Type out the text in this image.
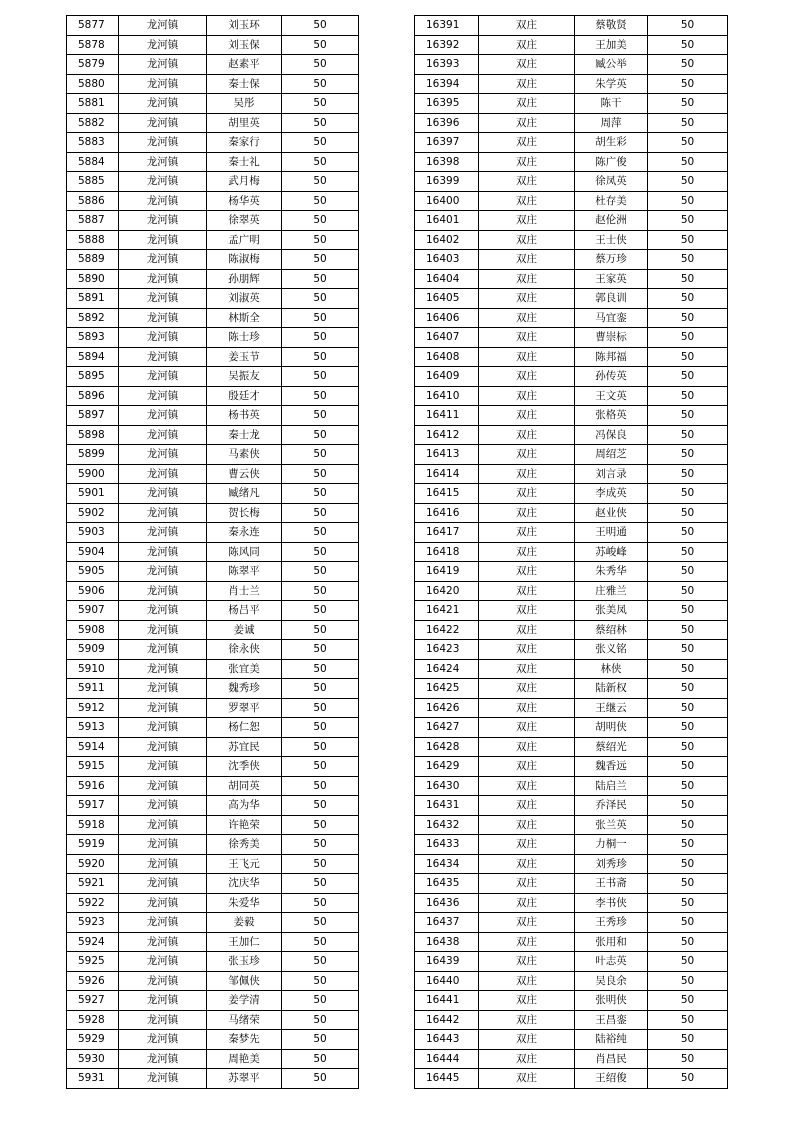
5877	龙河镇	刘玉环	50
5878	龙河镇	刘玉保	50
5879	龙河镇	赵素平	50
5880	龙河镇	秦士保	50
5881	龙河镇	吴彤	50
5882	龙河镇	胡里英	50
5883	龙河镇	秦家行	50
5884	龙河镇	秦士礼	50
5885	龙河镇	武月梅	50
5886	龙河镇	杨华英	50
5887	龙河镇	徐翠英	50
5888	龙河镇	孟广明	50
5889	龙河镇	陈淑梅	50
5890	龙河镇	孙朋辉	50
5891	龙河镇	刘淑英	50
5892	龙河镇	林斯全	50
5893	龙河镇	陈士珍	50
5894	龙河镇	姜玉节	50
5895	龙河镇	吴振友	50
5896	龙河镇	殷廷才	50
5897	龙河镇	杨书英	50
5898	龙河镇	秦士龙	50
5899	龙河镇	马素侠	50
5900	龙河镇	曹云侠	50
5901	龙河镇	臧绪凡	50
5902	龙河镇	贺长梅	50
5903	龙河镇	秦永连	50
5904	龙河镇	陈风同	50
5905	龙河镇	陈翠平	50
5906	龙河镇	肖士兰	50
5907	龙河镇	杨吕平	50
5908	龙河镇	姜诚	50
5909	龙河镇	徐永侠	50
5910	龙河镇	张宜美	50
5911	龙河镇	魏秀珍	50
5912	龙河镇	罗翠平	50
5913	龙河镇	杨仁恕	50
5914	龙河镇	苏宜民	50
5915	龙河镇	沈季侠	50
5916	龙河镇	胡同英	50
5917	龙河镇	高为华	50
5918	龙河镇	许艳荣	50
5919	龙河镇	徐秀美	50
5920	龙河镇	王飞元	50
5921	龙河镇	沈庆华	50
5922	龙河镇	朱爱华	50
5923	龙河镇	姜毅	50
5924	龙河镇	王加仁	50
5925	龙河镇	张玉珍	50
5926	龙河镇	邹佩侠	50
5927	龙河镇	姜学清	50
5928	龙河镇	马绪荣	50
5929	龙河镇	秦梦先	50
5930	龙河镇	周艳美	50
5931	龙河镇	苏翠平	50
16391	双庄	蔡敬贤	50
16392	双庄	王加美	50
16393	双庄	臧公举	50
16394	双庄	朱学英	50
16395	双庄	陈干	50
16396	双庄	周萍	50
16397	双庄	胡生彩	50
16398	双庄	陈广俊	50
16399	双庄	徐凤英	50
16400	双庄	杜存美	50
16401	双庄	赵伦洲	50
16402	双庄	王士侠	50
16403	双庄	蔡万珍	50
16404	双庄	王家英	50
16405	双庄	郭良训	50
16406	双庄	马宜銮	50
16407	双庄	曹崇标	50
16408	双庄	陈邦福	50
16409	双庄	孙传英	50
16410	双庄	王文英	50
16411	双庄	张格英	50
16412	双庄	冯保良	50
16413	双庄	周绍芝	50
16414	双庄	刘言录	50
16415	双庄	李成英	50
16416	双庄	赵业侠	50
16417	双庄	王明通	50
16418	双庄	苏峻峰	50
16419	双庄	朱秀华	50
16420	双庄	庄雅兰	50
16421	双庄	张美凤	50
16422	双庄	蔡绍林	50
16423	双庄	张义铭	50
16424	双庄	林侠	50
16425	双庄	陆新权	50
16426	双庄	王继云	50
16427	双庄	胡明侠	50
16428	双庄	蔡绍光	50
16429	双庄	魏香远	50
16430	双庄	陆启兰	50
16431	双庄	乔泽民	50
16432	双庄	张兰英	50
16433	双庄	力桐一	50
16434	双庄	刘秀珍	50
16435	双庄	王书斋	50
16436	双庄	李书侠	50
16437	双庄	王秀珍	50
16438	双庄	张用和	50
16439	双庄	叶志英	50
16440	双庄	吴良余	50
16441	双庄	张明侠	50
16442	双庄	王昌銮	50
16443	双庄	陆裕纯	50
16444	双庄	肖昌民	50
16445	双庄	王绍俊	50
